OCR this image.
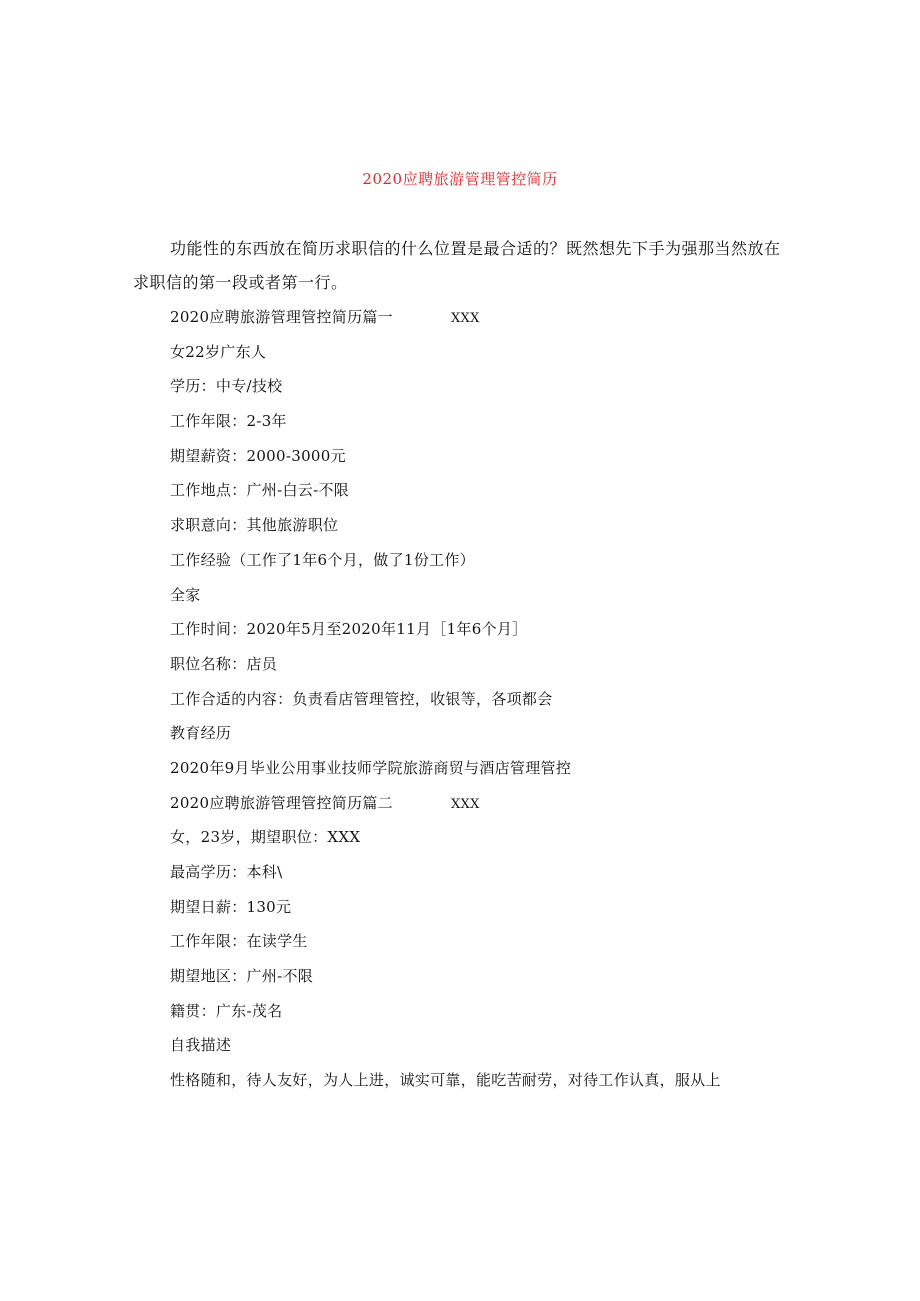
2020应聘旅游管理管控简历
功能性的东西放在简历求职信的什么位置是最合适的？既然想先下手为强那当然放在求职信的第一段或者第一行。
2020应聘旅游管理管控简历篇一	XXX
女22岁广东人
学历：中专/技校
工作年限：2-3年
期望薪资：2000-3000元
工作地点：广州-白云-不限
求职意向：其他旅游职位
工作经验（工作了1年6个月，做了1份工作）
全家
工作时间：2020年5月至2020年11月［1年6个月］
职位名称：店员
工作合适的内容：负责看店管理管控，收银等，各项都会
教育经历
2020年9月毕业公用事业技师学院旅游商贸与酒店管理管控
2020应聘旅游管理管控简历篇二	XXX
女，23岁，期望职位：XXX
最高学历：本科\
期望日薪：130元
工作年限：在读学生
期望地区：广州-不限
籍贯：广东-茂名
自我描述
性格随和，待人友好，为人上进，诚实可靠，能吃苦耐劳，对待工作认真，服从上
